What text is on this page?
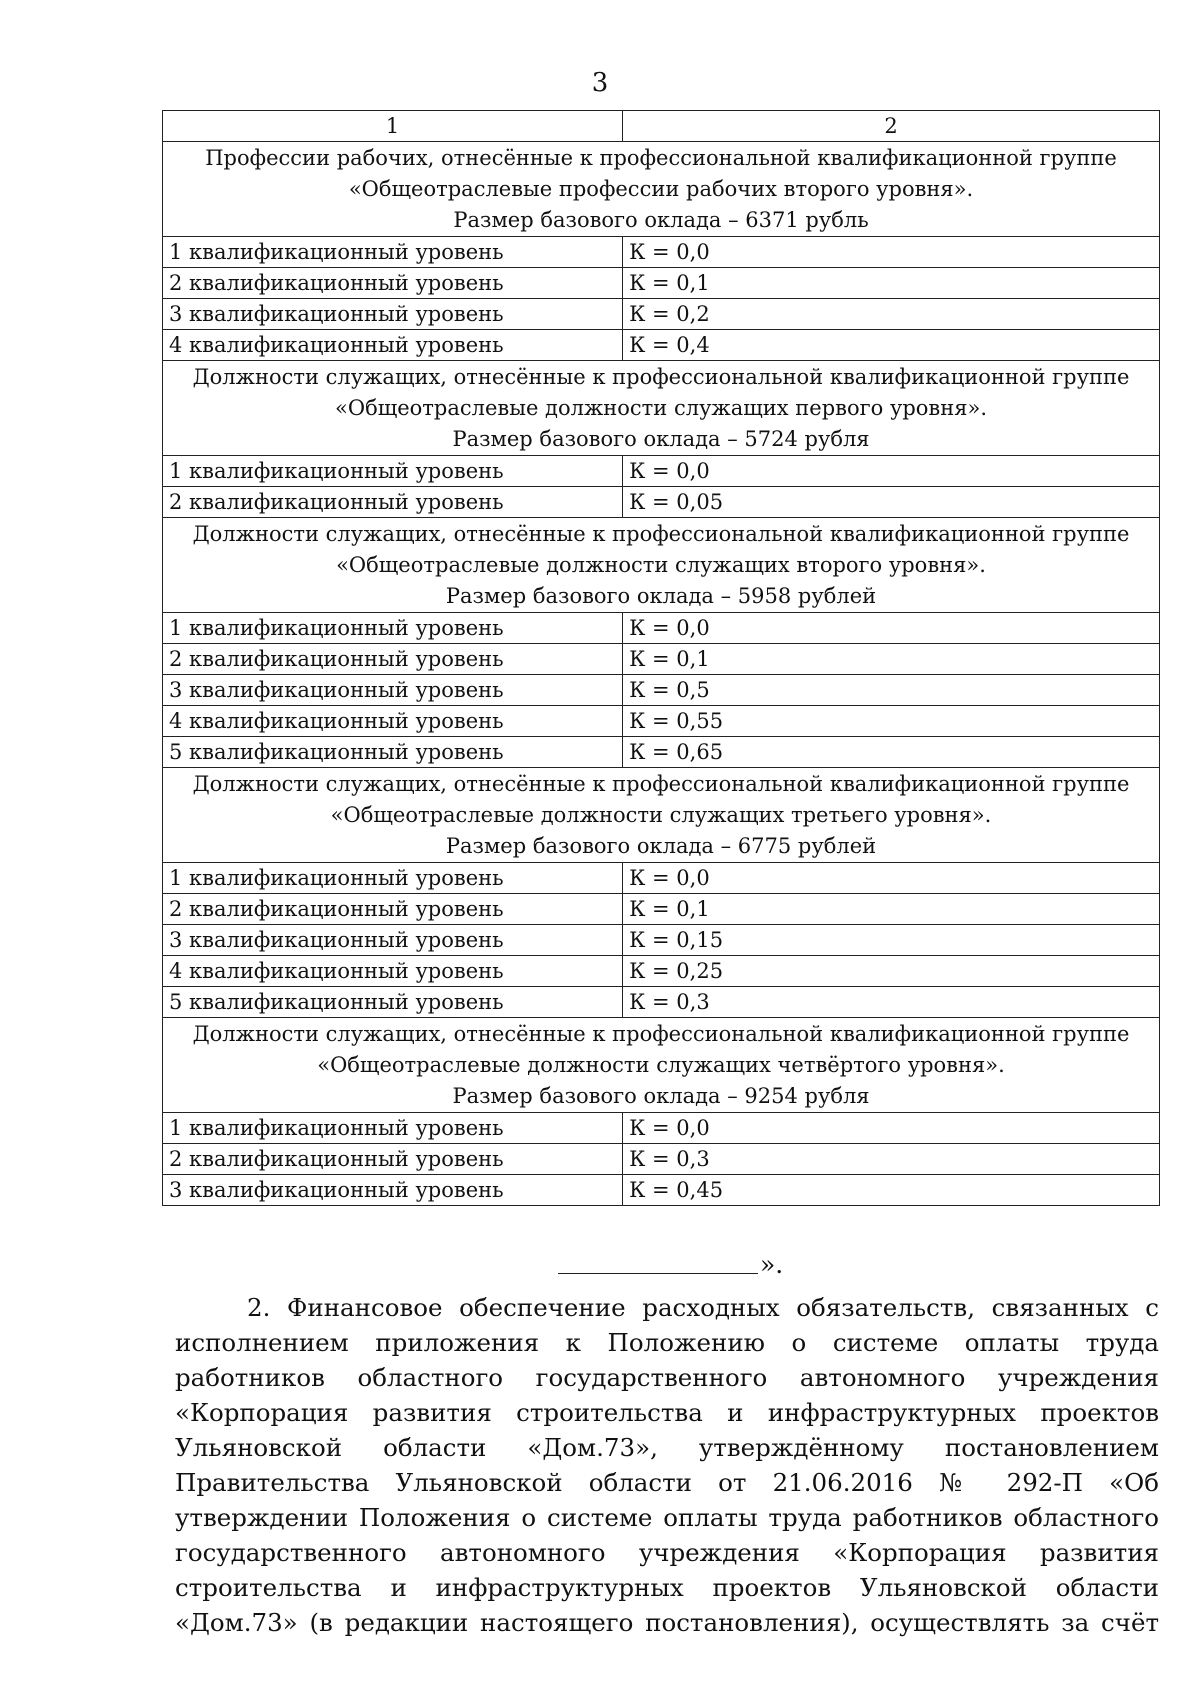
3
1	2

Профессии рабочих, отнесённые к профессиональной квалификационной группе
«Общеотраслевые профессии рабочих второго уровня».
Размер базового оклада – 6371 рубль	

1 квалификационный уровень	К = 0,0
2 квалификационный уровень	К = 0,1
3 квалификационный уровень	К = 0,2
4 квалификационный уровень	К = 0,4

Должности служащих, отнесённые к профессиональной квалификационной группе
«Общеотраслевые должности служащих первого уровня».
Размер базового оклада – 5724 рубля	

1 квалификационный уровень	К = 0,0
2 квалификационный уровень	К = 0,05

Должности служащих, отнесённые к профессиональной квалификационной группе
«Общеотраслевые должности служащих второго уровня».
Размер базового оклада – 5958 рублей	

1 квалификационный уровень	К = 0,0
2 квалификационный уровень	К = 0,1
3 квалификационный уровень	К = 0,5
4 квалификационный уровень	К = 0,55
5 квалификационный уровень	К = 0,65

Должности служащих, отнесённые к профессиональной квалификационной группе
«Общеотраслевые должности служащих третьего уровня».
Размер базового оклада – 6775 рублей	

1 квалификационный уровень	К = 0,0
2 квалификационный уровень	К = 0,1
3 квалификационный уровень	К = 0,15
4 квалификационный уровень	К = 0,25
5 квалификационный уровень	К = 0,3

Должности служащих, отнесённые к профессиональной квалификационной группе
«Общеотраслевые должности служащих четвёртого уровня».
Размер базового оклада – 9254 рубля	

1 квалификационный уровень	К = 0,0
2 квалификационный уровень	К = 0,3
3 квалификационный уровень	К = 0,45
».
2. Финансовое обеспечение расходных обязательств, связанных с исполнением приложения к Положению о системе оплаты труда работников областного государственного автономного учреждения «Корпорация развития строительства и инфраструктурных проектов Ульяновской области «Дом.73», утверждённому постановлением Правительства Ульяновской области от 21.06.2016 № 292-П «Об утверждении Положения о системе оплаты труда работников областного государственного автономного учреждения «Корпорация развития строительства и инфраструктурных проектов Ульяновской области «Дом.73» (в редакции настоящего постановления), осуществлять за счёт
